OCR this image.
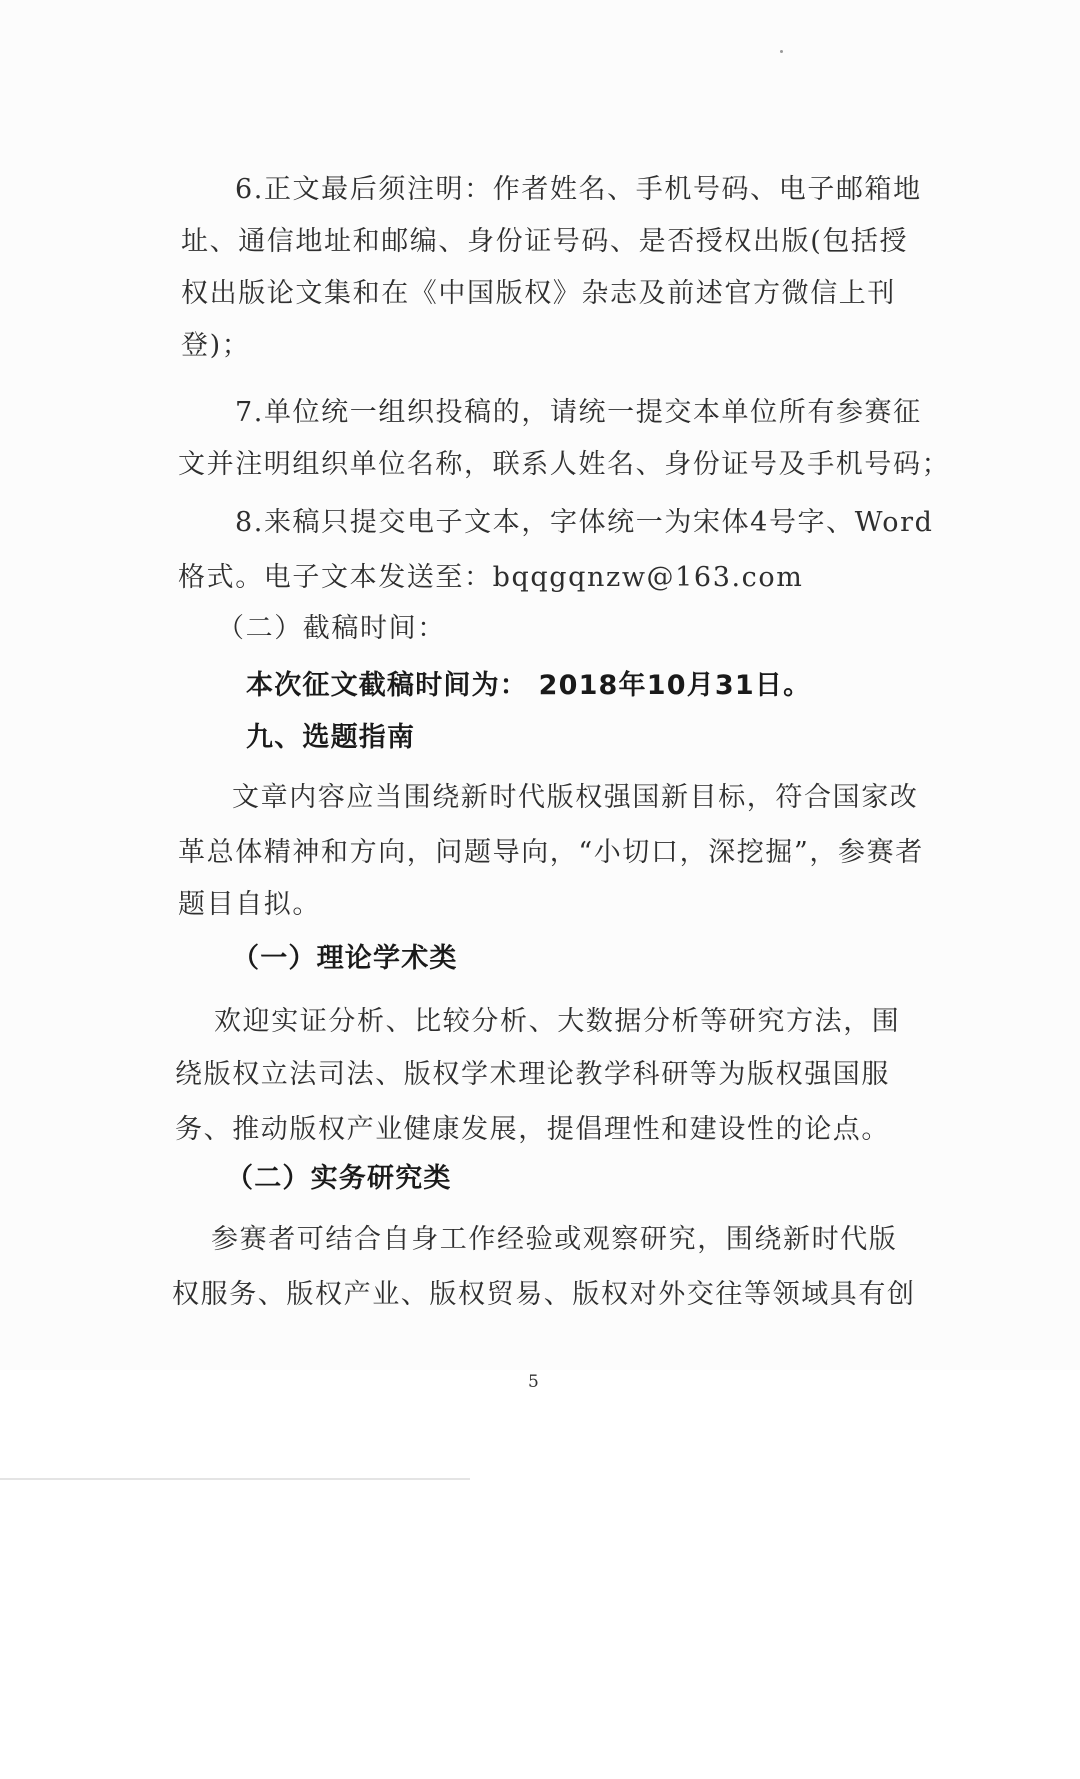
6.正文最后须注明：作者姓名、手机号码、电子邮箱地
址、通信地址和邮编、身份证号码、是否授权出版(包括授
权出版论文集和在《中国版权》杂志及前述官方微信上刊
登)；
7.单位统一组织投稿的，请统一提交本单位所有参赛征
文并注明组织单位名称，联系人姓名、身份证号及手机号码；
8.来稿只提交电子文本，字体统一为宋体4号字、Word
格式。电子文本发送至：bqqgqnzw@163.com
（二）截稿时间：
本次征文截稿时间为： 2018年10月31日。
九、选题指南
文章内容应当围绕新时代版权强国新目标，符合国家改
革总体精神和方向，问题导向，“小切口，深挖掘”，参赛者
题目自拟。
（一）理论学术类
欢迎实证分析、比较分析、大数据分析等研究方法，围
绕版权立法司法、版权学术理论教学科研等为版权强国服
务、推动版权产业健康发展，提倡理性和建设性的论点。
（二）实务研究类
参赛者可结合自身工作经验或观察研究，围绕新时代版
权服务、版权产业、版权贸易、版权对外交往等领域具有创
5
